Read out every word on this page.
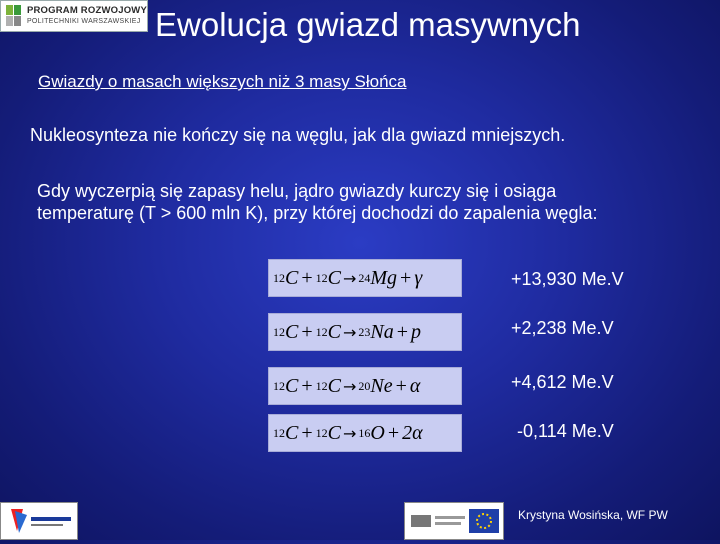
PROGRAM ROZWOJOWY
POLITECHNIKI WARSZAWSKIEJ Ewolucja gwiazd masywnych
Gwiazdy o masach większych niż 3 masy Słońca
Nukleosynteza nie kończy się na węglu, jak dla gwiazd mniejszych.
Gdy wyczerpią się zapasy helu, jądro gwiazdy kurczy się i osiąga temperaturę (T > 600 mln K), przy której dochodzi do zapalenia węgla:
12 C + 12 C → 24 Mg + γ	+13,930 Me.V
12 C + 12 C → 23 Na + p	+2,238 Me.V
12 C + 12 C → 20 Ne + α	+4,612 Me.V
12 C + 12 C → 16 O + 2α	-0,114 Me.V
Krystyna Wosińska, WF PW
